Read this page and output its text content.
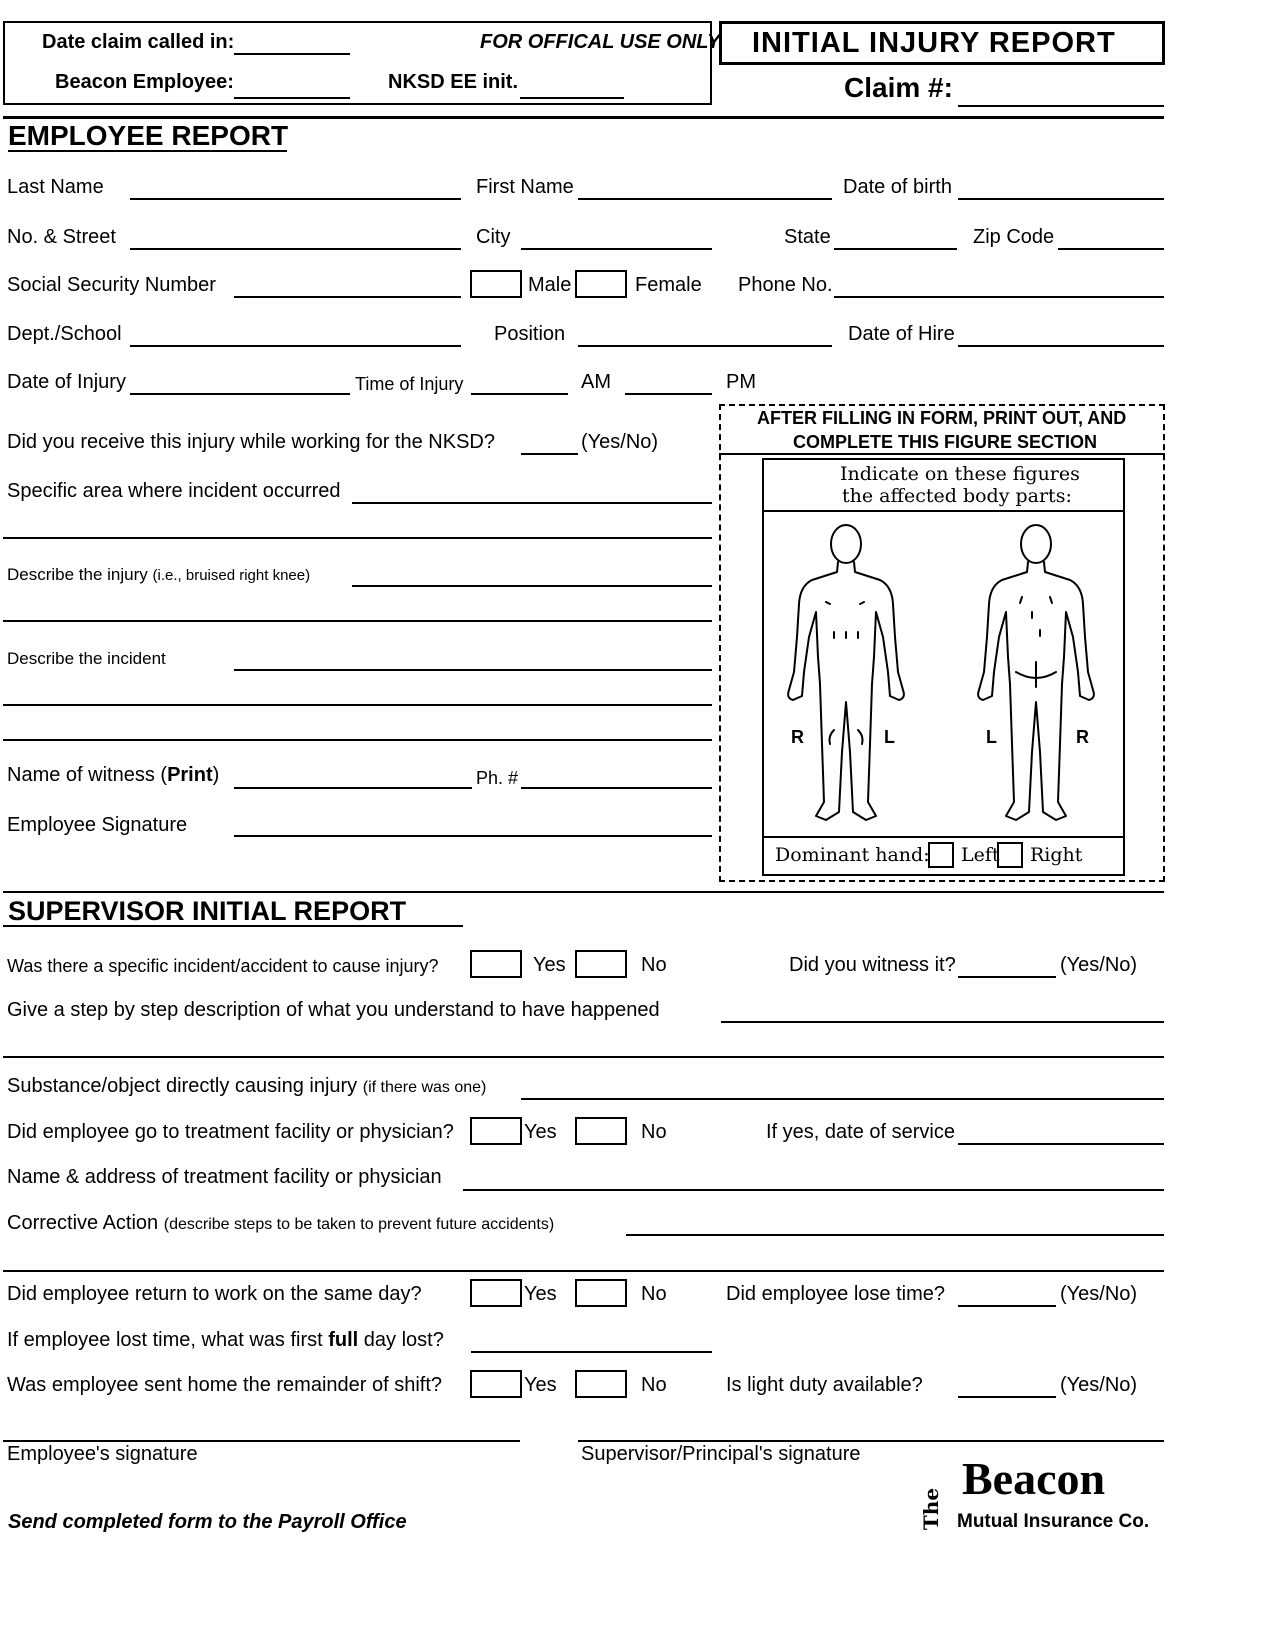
Date claim called in:	FOR OFFICAL USE ONLY
Beacon Employee:	NKSD EE init.
INITIAL INJURY REPORT
Claim #:
EMPLOYEE REPORT
Last Name	First Name	Date of birth
No. & Street	City	State	Zip Code
Social Security Number	Male	Female Phone No.
Dept./School	Position	Date of Hire
Date of Injury	Time of Injury	AM	PM
Did you receive this injury while working for the NKSD?	(Yes/No)
Specific area where incident occurred
Describe the injury (i.e., bruised right knee)
Describe the incident
Name of witness (Print)	Ph. #
Employee Signature
AFTER FILLING IN FORM, PRINT OUT, AND
COMPLETE THIS FIGURE SECTION
Indicate on these figures
the affected body parts:
R	L	L	R
Dominant hand: Left Right
SUPERVISOR INITIAL REPORT
Was there a specific incident/accident to cause injury?	Yes	No	Did you witness it?	(Yes/No)
Give a step by step description of what you understand to have happened
Substance/object directly causing injury (if there was one)
Did employee go to treatment facility or physician?	Yes	No	If yes, date of service
Name & address of treatment facility or physician
Corrective Action (describe steps to be taken to prevent future accidents)
Did employee return to work on the same day?	Yes	No	Did employee lose time?	(Yes/No)
If employee lost time, what was first full day lost?
Was employee sent home the remainder of shift?	Yes	No	Is light duty available?	(Yes/No)
Employee's signature	Supervisor/Principal's signature
Send completed form to the Payroll Office	The
Beacon
Mutual Insurance Co.
